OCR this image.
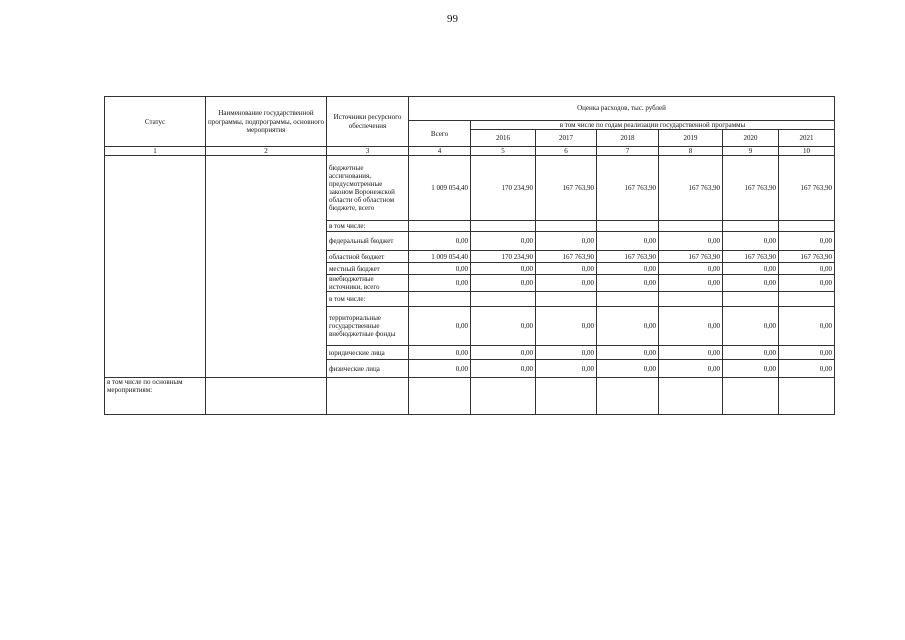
99
Статус	Наименование государственной программы, подпрограммы, основного мероприятия	Источники ресурсного обеспечения	Оценка расходов, тыс. рублей						
			Всего	в том числе по годам реализации государственной программы					
				2016	2017	2018	2019	2020	2021
1	2	3	4	5	6	7	8	9	10
		бюджетные ассигнования, предусмотренные законом Воронежской области об областном бюджете, всего	1 009 054,40	170 234,90	167 763,90	167 763,90	167 763,90	167 763,90	167 763,90
		в том числе:							
		федеральный бюджет	0,00	0,00	0,00	0,00	0,00	0,00	0,00
		областной бюджет	1 009 054,40	170 234,90	167 763,90	167 763,90	167 763,90	167 763,90	167 763,90
		местный бюджет	0,00	0,00	0,00	0,00	0,00	0,00	0,00
		внебюджетные источники, всего	0,00	0,00	0,00	0,00	0,00	0,00	0,00
		в том числе:							
		территориальные государственные внебюджетные фонды	0,00	0,00	0,00	0,00	0,00	0,00	0,00
		юридические лица	0,00	0,00	0,00	0,00	0,00	0,00	0,00
		физические лица	0,00	0,00	0,00	0,00	0,00	0,00	0,00
в том числе по основным мероприятиям:									
